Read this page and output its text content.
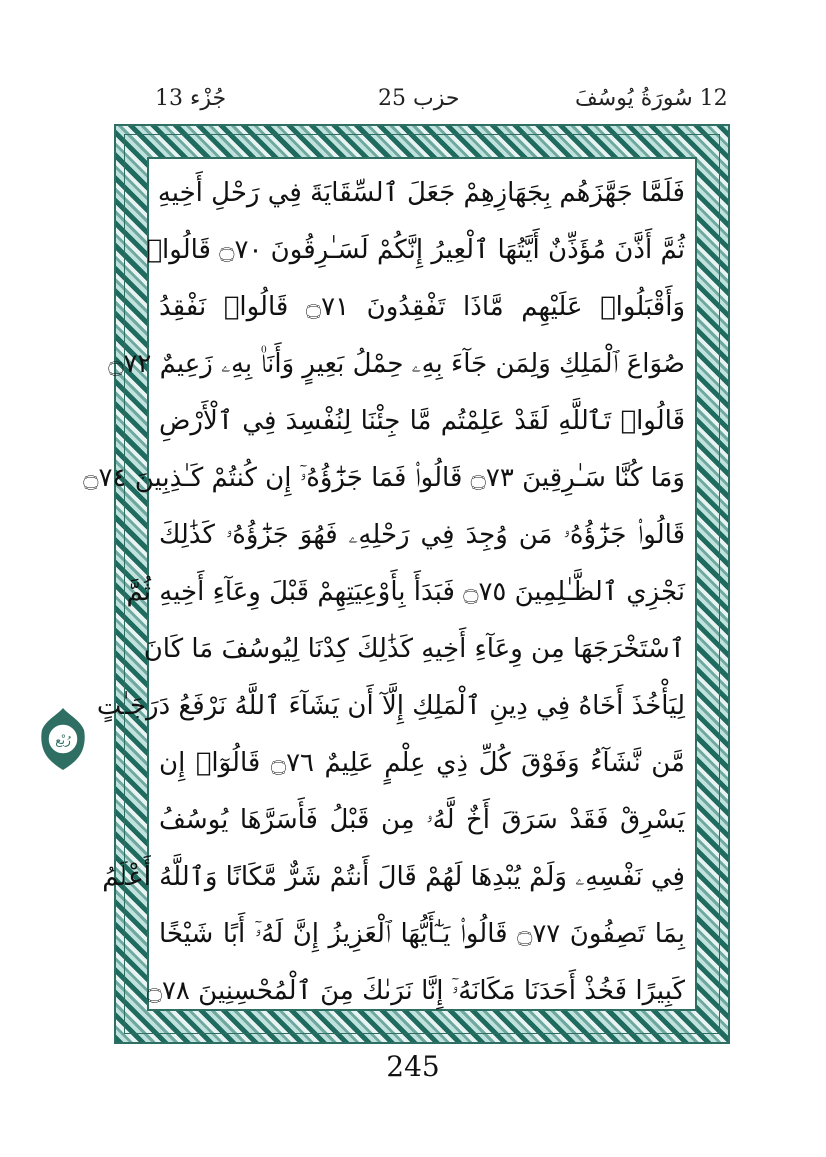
12 سُورَةُ يُوسُفَ
حزب 25
جُزْء 13
فَلَمَّا جَهَّزَهُم بِجَهَازِهِمْ جَعَلَ ٱلسِّقَايَةَ فِي رَحْلِ أَخِيهِ
ثُمَّ أَذَّنَ مُؤَذِّنٌ أَيَّتُهَا ٱلْعِيرُ إِنَّكُمْ لَسَـٰرِقُونَ ۝٧٠ قَالُوا۟
وَأَقْبَلُوا۟ عَلَيْهِم مَّاذَا تَفْقِدُونَ ۝٧١ قَالُوا۟ نَفْقِدُ
صُوَاعَ ٱلْمَلِكِ وَلِمَن جَآءَ بِهِۦ حِمْلُ بَعِيرٍ وَأَنَا۠ بِهِۦ زَعِيمٌ ۝٧٢
قَالُوا۟ تَٱللَّهِ لَقَدْ عَلِمْتُم مَّا جِئْنَا لِنُفْسِدَ فِي ٱلْأَرْضِ
وَمَا كُنَّا سَـٰرِقِينَ ۝٧٣ قَالُوا۟ فَمَا جَزَٰٓؤُهُۥٓ إِن كُنتُمْ كَـٰذِبِينَ ۝٧٤
قَالُوا۟ جَزَٰٓؤُهُۥ مَن وُجِدَ فِي رَحْلِهِۦ فَهُوَ جَزَٰٓؤُهُۥ كَذَٰلِكَ
نَجْزِي ٱلظَّـٰلِمِينَ ۝٧٥ فَبَدَأَ بِأَوْعِيَتِهِمْ قَبْلَ وِعَآءِ أَخِيهِ ثُمَّ
ٱسْتَخْرَجَهَا مِن وِعَآءِ أَخِيهِ كَذَٰلِكَ كِدْنَا لِيُوسُفَ مَا كَانَ
لِيَأْخُذَ أَخَاهُ فِي دِينِ ٱلْمَلِكِ إِلَّآ أَن يَشَآءَ ٱللَّهُ نَرْفَعُ دَرَجَـٰتٍ
مَّن نَّشَآءُ وَفَوْقَ كُلِّ ذِي عِلْمٍ عَلِيمٌ ۝٧٦ قَالُوٓا۟ إِن
يَسْرِقْ فَقَدْ سَرَقَ أَخٌ لَّهُۥ مِن قَبْلُ فَأَسَرَّهَا يُوسُفُ
فِي نَفْسِهِۦ وَلَمْ يُبْدِهَا لَهُمْ قَالَ أَنتُمْ شَرٌّ مَّكَانًا وَٱللَّهُ أَعْلَمُ
بِمَا تَصِفُونَ ۝٧٧ قَالُوا۟ يَـٰٓأَيُّهَا ٱلْعَزِيزُ إِنَّ لَهُۥٓ أَبًا شَيْخًا
كَبِيرًا فَخُذْ أَحَدَنَا مَكَانَهُۥٓ إِنَّا نَرَىٰكَ مِنَ ٱلْمُحْسِنِينَ ۝٧٨
رُبْع
245
